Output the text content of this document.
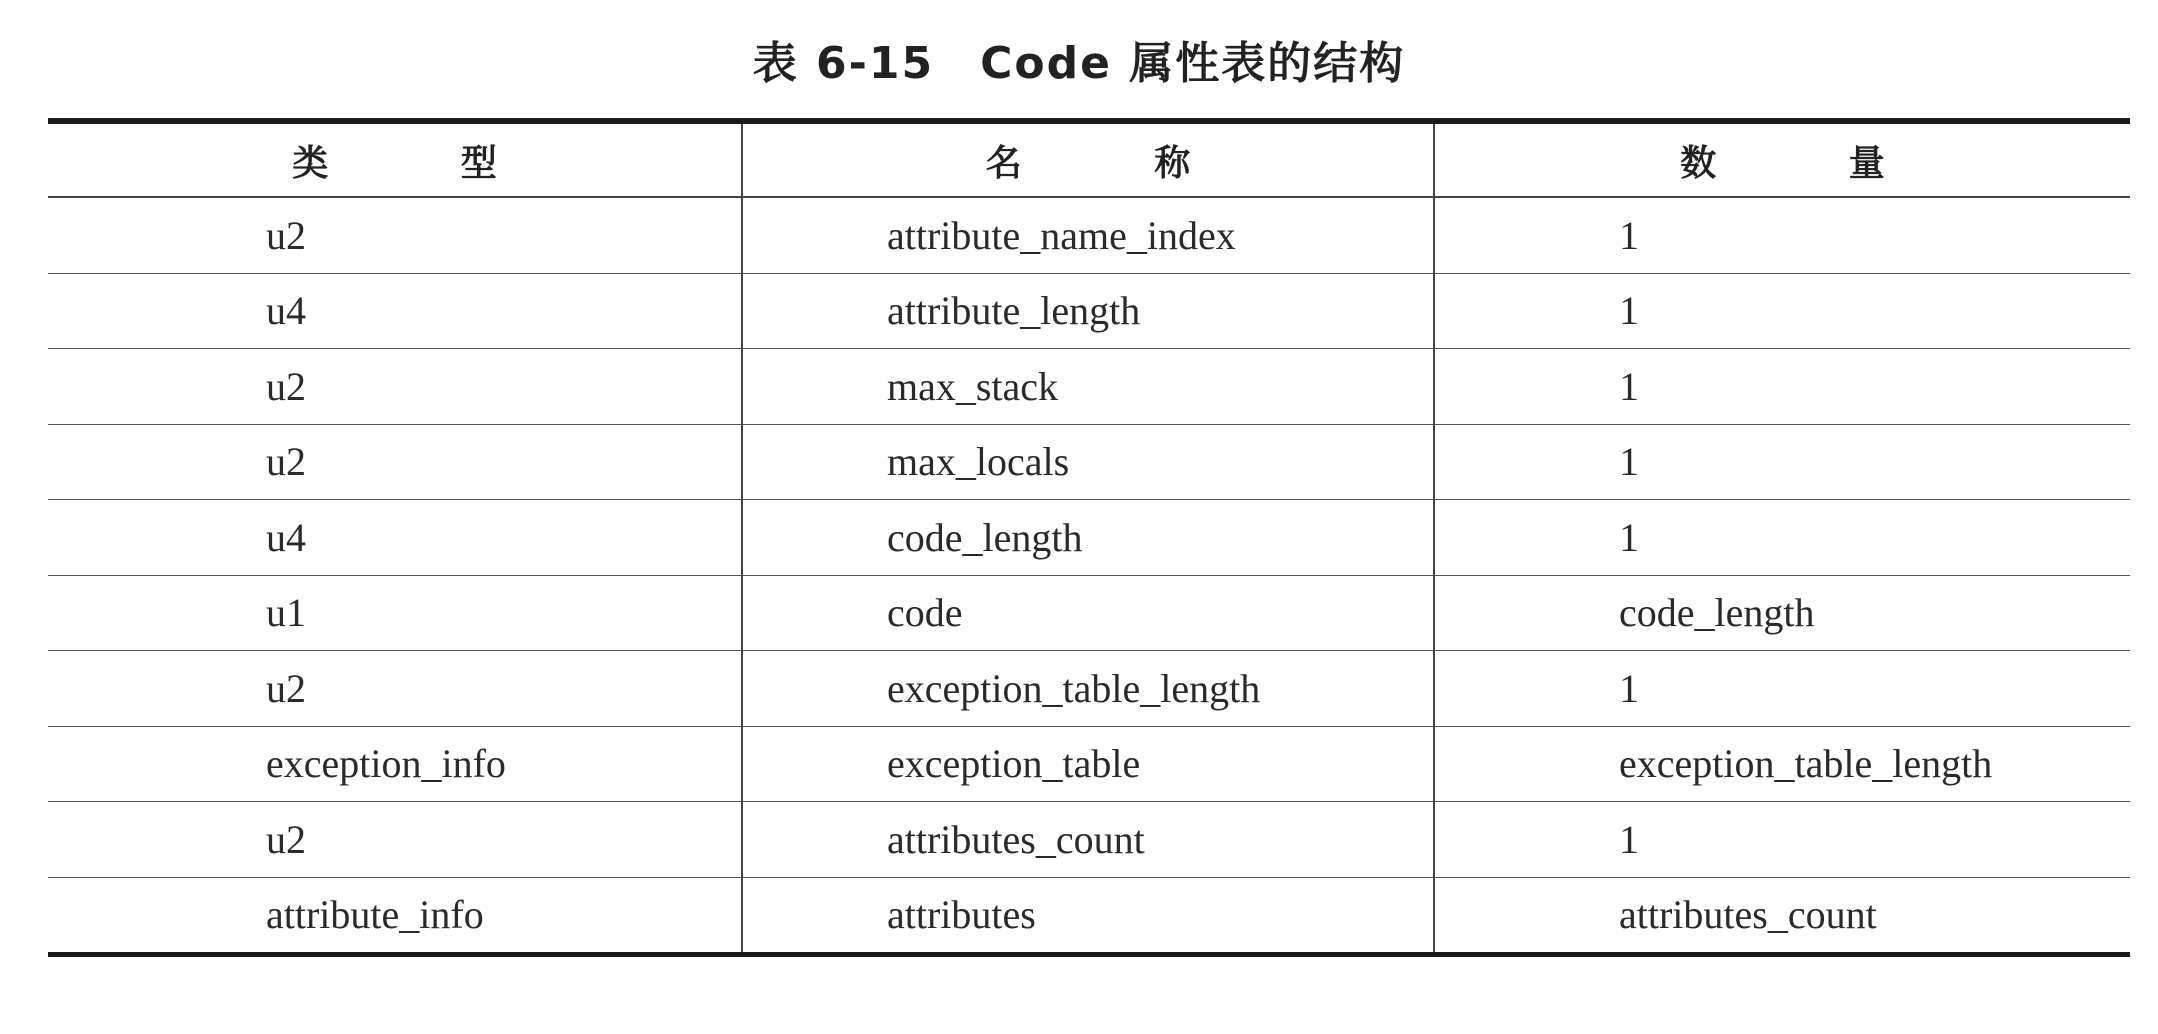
表 6-15　Code 属性表的结构
类 型	名 称	数 量
u2	attribute_name_index	1
u4	attribute_length	1
u2	max_stack	1
u2	max_locals	1
u4	code_length	1
u1	code	code_length
u2	exception_table_length	1
exception_info	exception_table	exception_table_length
u2	attributes_count	1
attribute_info	attributes	attributes_count
